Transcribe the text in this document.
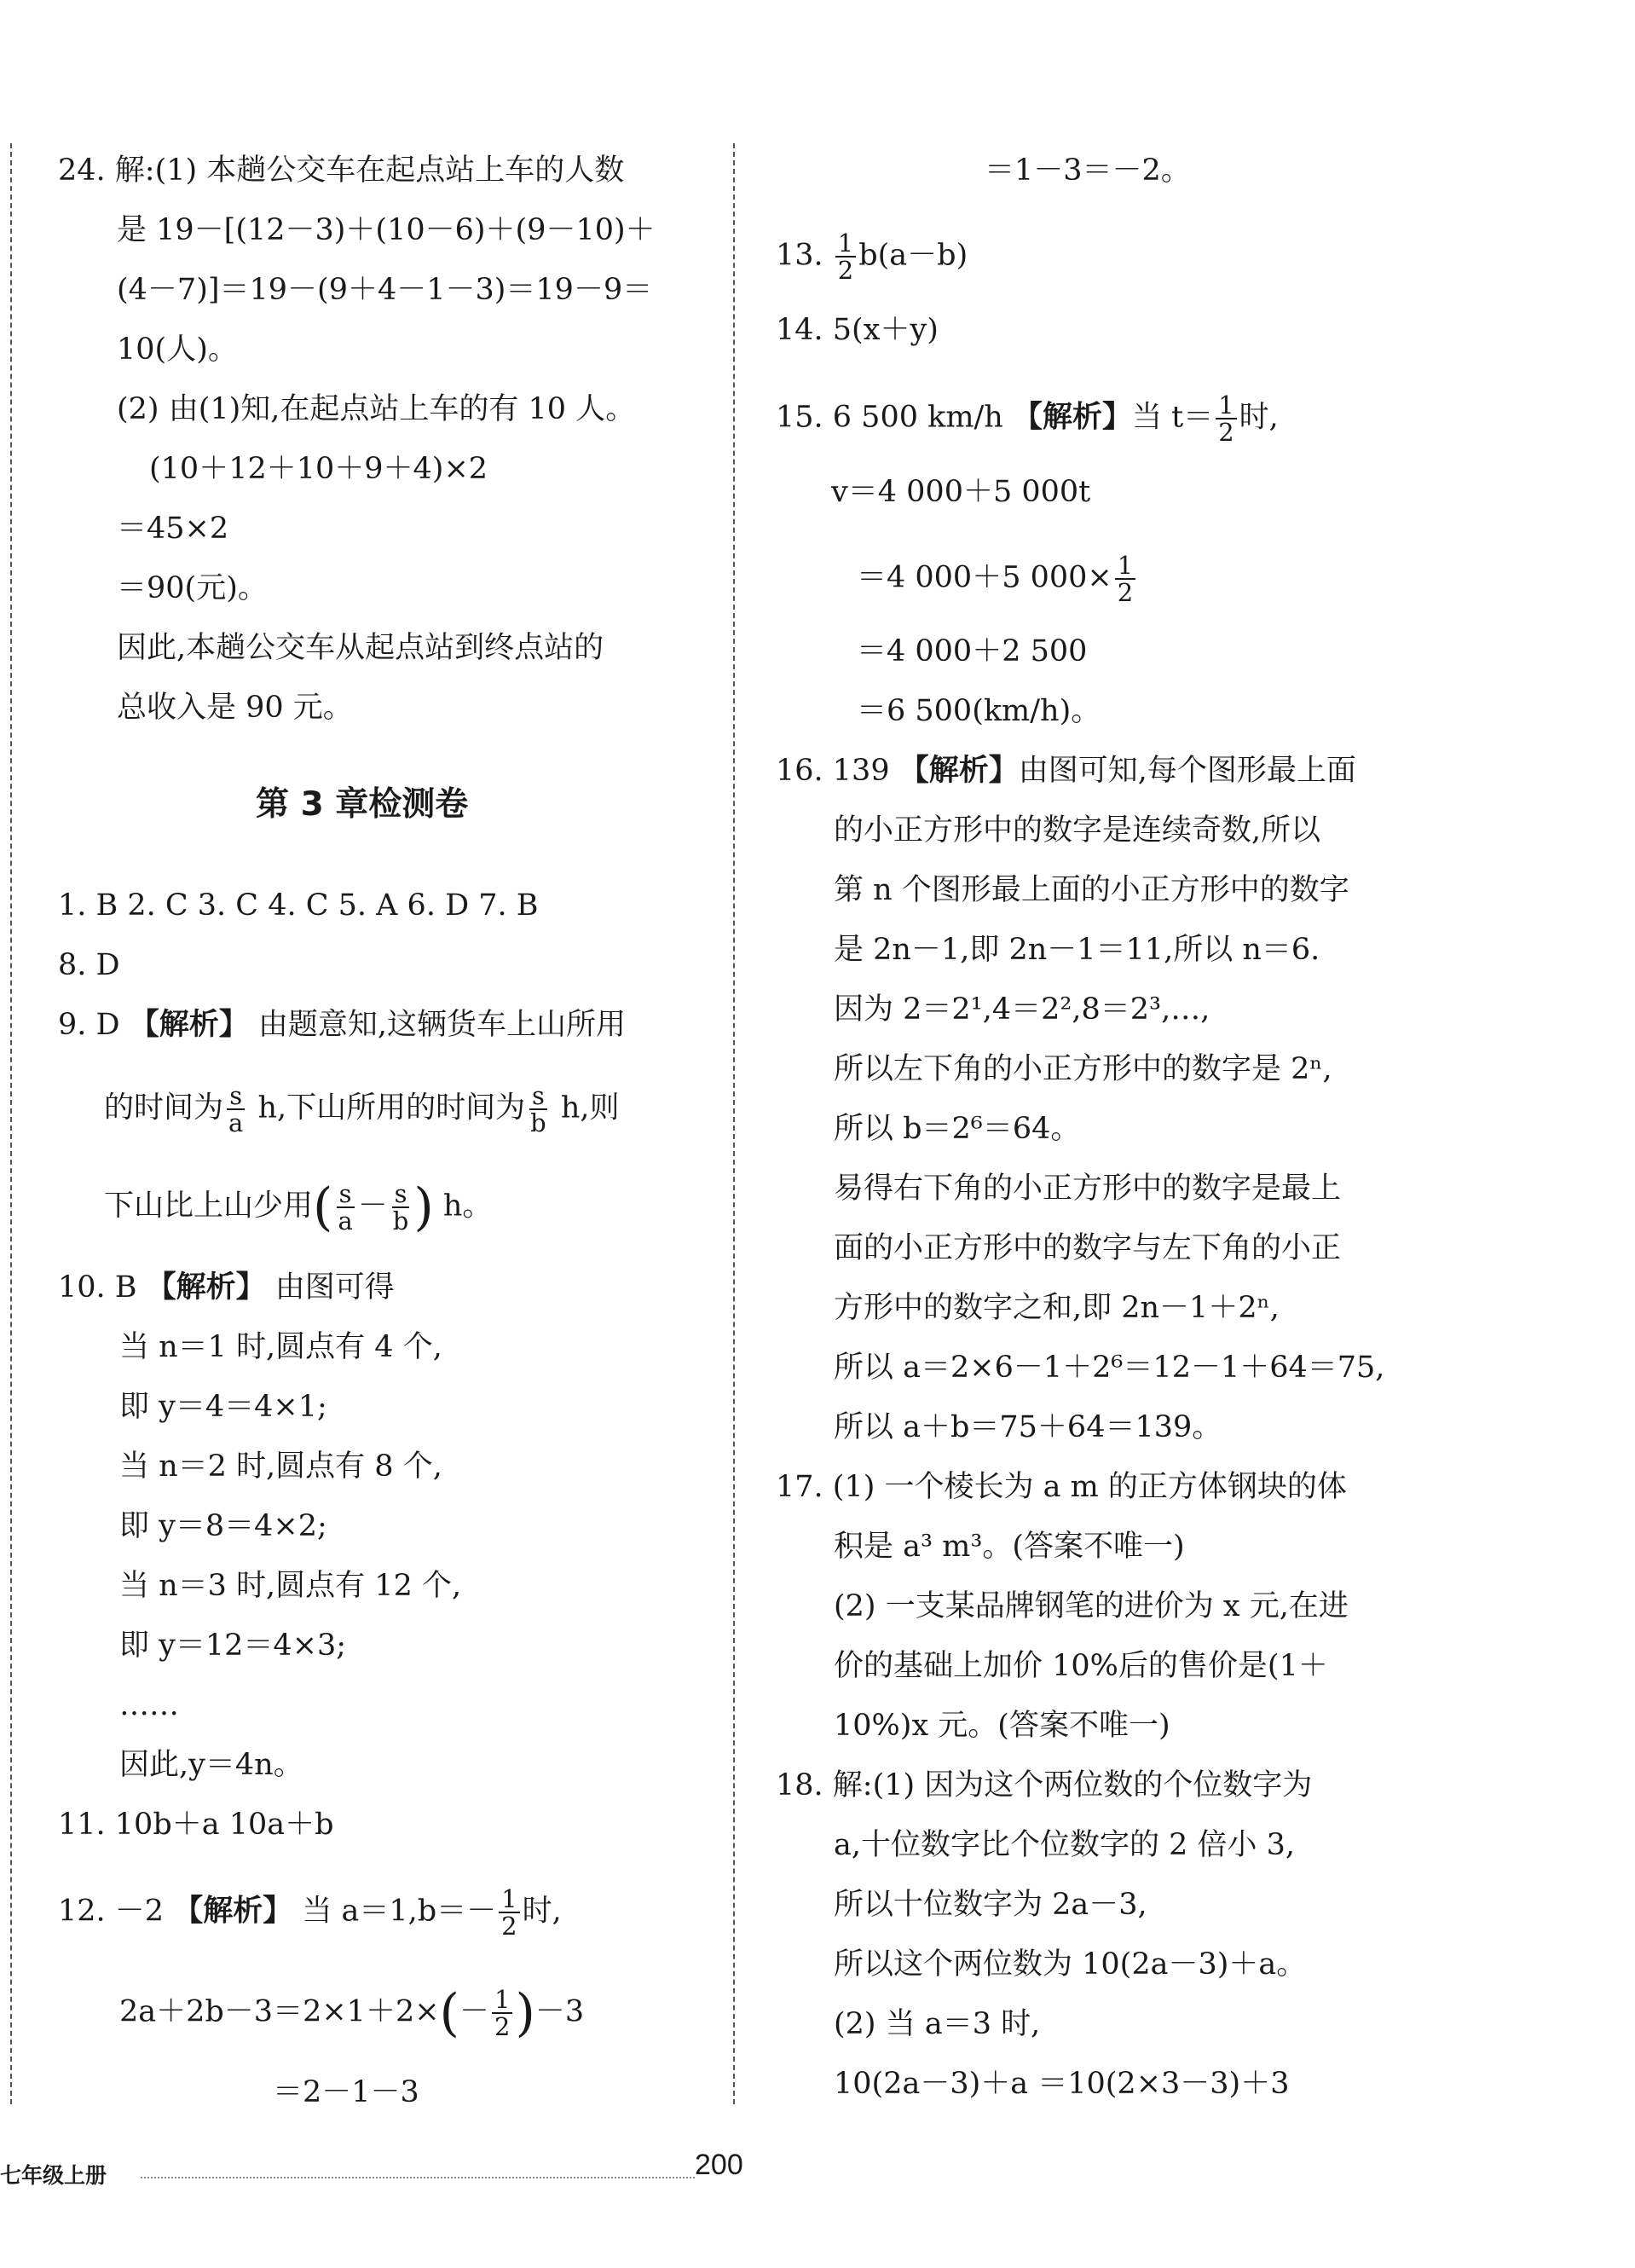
24. 解:(1) 本趟公交车在起点站上车的人数
是 19－[(12－3)＋(10－6)＋(9－10)＋
(4－7)]＝19－(9＋4－1－3)＝19－9＝
10(人)。
(2) 由(1)知,在起点站上车的有 10 人。
(10＋12＋10＋9＋4)×2
＝45×2
＝90(元)。
因此,本趟公交车从起点站到终点站的
总收入是 90 元。
第 3 章检测卷
1. B 2. C 3. C 4. C 5. A 6. D 7. B
8. D
9. D 【解析】 由题意知,这辆货车上山所用
的时间为 $\frac{s}{a} h$,下山所用的时间为 $\frac{s}{b} h$,则
下山比上山少用( $\frac{s}{a} - \frac{s}{b}$ ) h。
10. B 【解析】 由图可得
当 n＝1 时,圆点有 4 个,
即 y＝4＝4×1;
当 n＝2 时,圆点有 8 个,
即 y＝8＝4×2;
当 n＝3 时,圆点有 12 个,
即 y＝12＝4×3;
……
因此,y＝4n。
11. 10b＋a 10a＋b
12. －2 【解析】 当 $a=1,b=- \frac{1}{2}$ 时,
$2a+2b-3=2\times 1+2\times(- \frac{1}{2} )-3$
＝2－1－3
＝1－3＝－2。
13. $\frac{1}{2} b(a-b)$
14. 5(x＋y)
15. 6 500 km/h 【解析】当 $t= \frac{1}{2}$ 时,
v＝4 000＋5 000t
＝4 000＋5 $000\times \frac{1}{2}$
＝4 000＋2 500
＝6 500(km/h)。
16. 139 【解析】由图可知,每个图形最上面
的小正方形中的数字是连续奇数,所以
第 n 个图形最上面的小正方形中的数字
是 2n－1,即 2n－1＝11,所以 n＝6.
因为 2＝2¹,4＝2²,8＝2³,…,
所以左下角的小正方形中的数字是 2ⁿ,
所以 b＝2⁶＝64。
易得右下角的小正方形中的数字是最上
面的小正方形中的数字与左下角的小正
方形中的数字之和,即 2n－1＋2ⁿ,
所以 a＝2×6－1＋2⁶＝12－1＋64＝75,
所以 a＋b＝75＋64＝139。
17. (1) 一个棱长为 a m 的正方体钢块的体
积是 a³ m³。(答案不唯一)
(2) 一支某品牌钢笔的进价为 x 元,在进
价的基础上加价 10%后的售价是(1＋
10%)x 元。(答案不唯一)
18. 解:(1) 因为这个两位数的个位数字为
a,十位数字比个位数字的 2 倍小 3,
所以十位数字为 2a－3,
所以这个两位数为 10(2a－3)＋a。
(2) 当 a＝3 时,
10(2a－3)＋a ＝10(2×3－3)＋3
七年级上册	200
